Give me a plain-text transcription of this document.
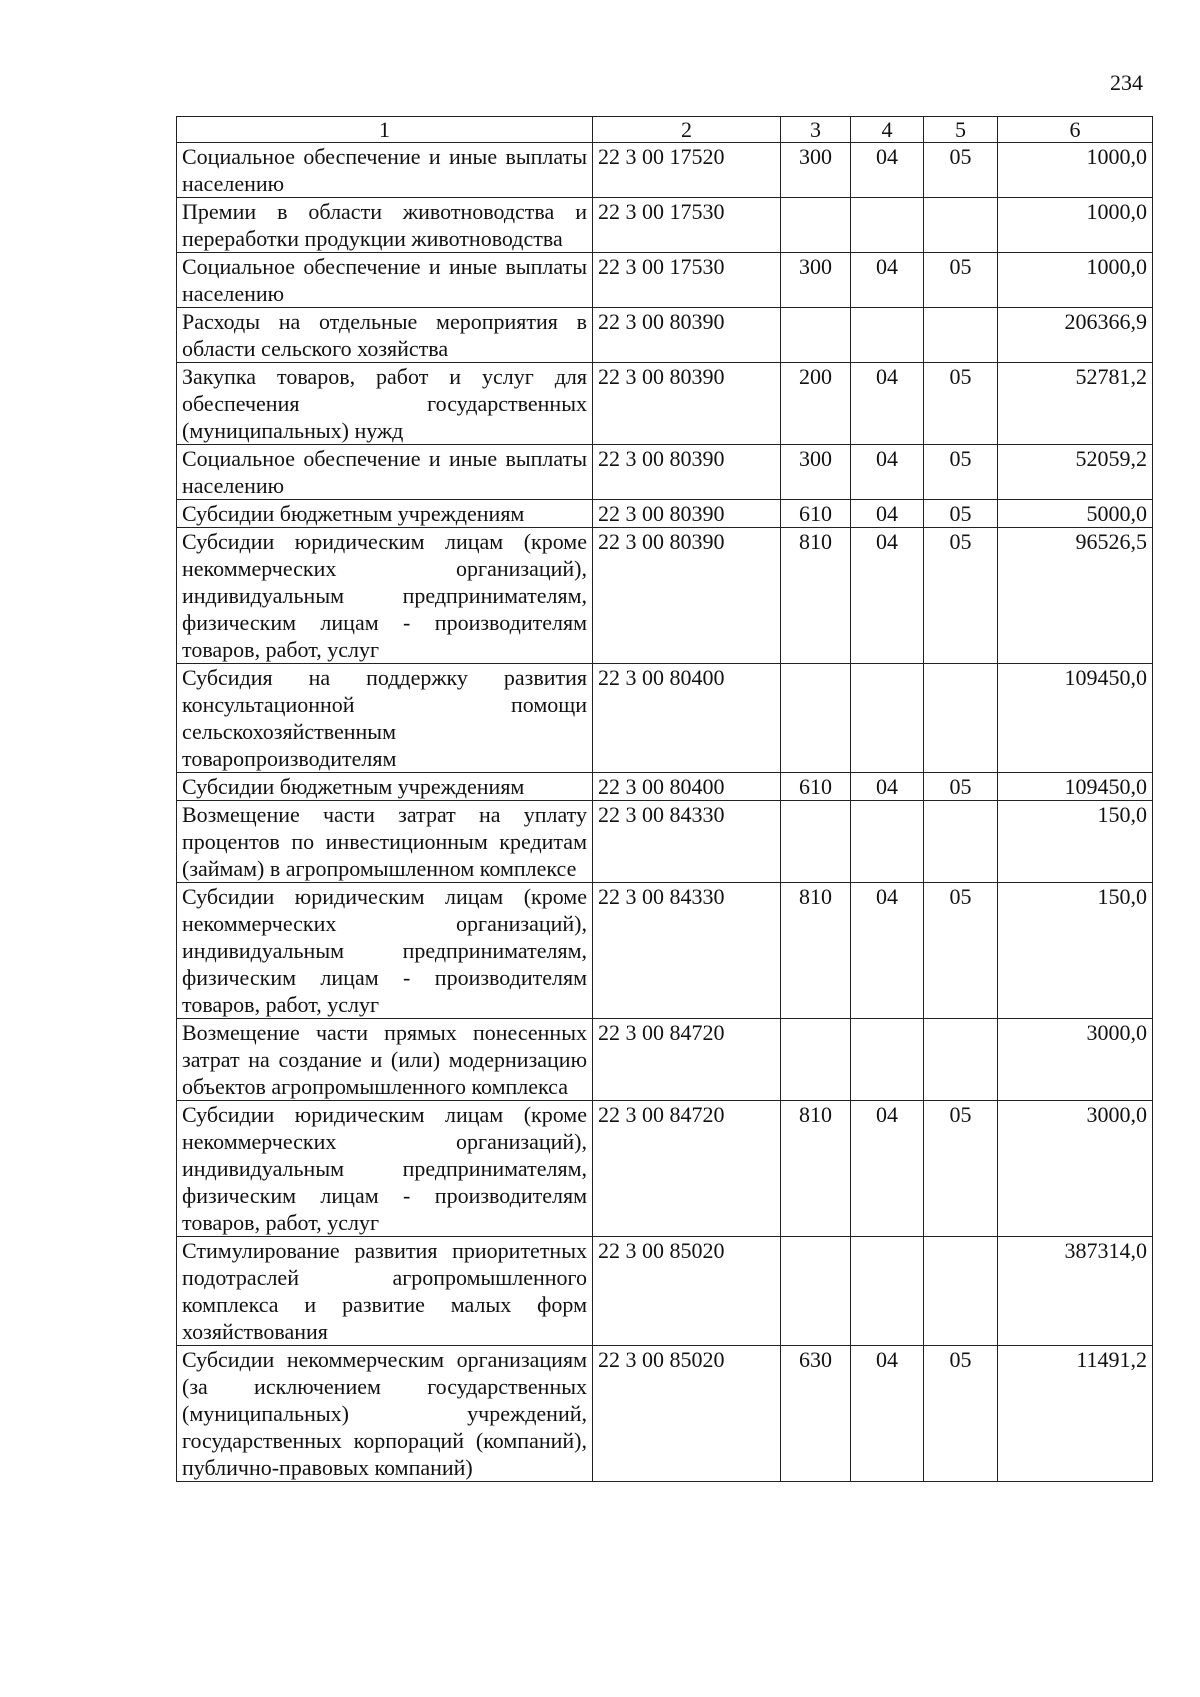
234
1	2	3	4	5	6
Социальное обеспечение и иные выплаты населению	22 3 00 17520	300	04	05	1000,0
Премии в области животноводства и переработки продукции животноводства	22 3 00 17530				1000,0
Социальное обеспечение и иные выплаты населению	22 3 00 17530	300	04	05	1000,0
Расходы на отдельные мероприятия в области сельского хозяйства	22 3 00 80390				206366,9
Закупка товаров, работ и услуг для обеспечения государственных (муниципальных) нужд	22 3 00 80390	200	04	05	52781,2
Социальное обеспечение и иные выплаты населению	22 3 00 80390	300	04	05	52059,2
Субсидии бюджетным учреждениям	22 3 00 80390	610	04	05	5000,0
Субсидии юридическим лицам (кроме некоммерческих организаций), индивидуальным предпринимателям, физическим лицам - производителям товаров, работ, услуг	22 3 00 80390	810	04	05	96526,5
Субсидия на поддержку развития консультационной помощи сельскохозяйственным товаропроизводителям	22 3 00 80400				109450,0
Субсидии бюджетным учреждениям	22 3 00 80400	610	04	05	109450,0
Возмещение части затрат на уплату процентов по инвестиционным кредитам (займам) в агропромышленном комплексе	22 3 00 84330				150,0
Субсидии юридическим лицам (кроме некоммерческих организаций), индивидуальным предпринимателям, физическим лицам - производителям товаров, работ, услуг	22 3 00 84330	810	04	05	150,0
Возмещение части прямых понесенных затрат на создание и (или) модернизацию объектов агропромышленного комплекса	22 3 00 84720				3000,0
Субсидии юридическим лицам (кроме некоммерческих организаций), индивидуальным предпринимателям, физическим лицам - производителям товаров, работ, услуг	22 3 00 84720	810	04	05	3000,0
Стимулирование развития приоритетных подотраслей агропромышленного комплекса и развитие малых форм хозяйствования	22 3 00 85020				387314,0
Субсидии некоммерческим организациям (за исключением государственных (муниципальных) учреждений, государственных корпораций (компаний), публично-правовых компаний)	22 3 00 85020	630	04	05	11491,2
